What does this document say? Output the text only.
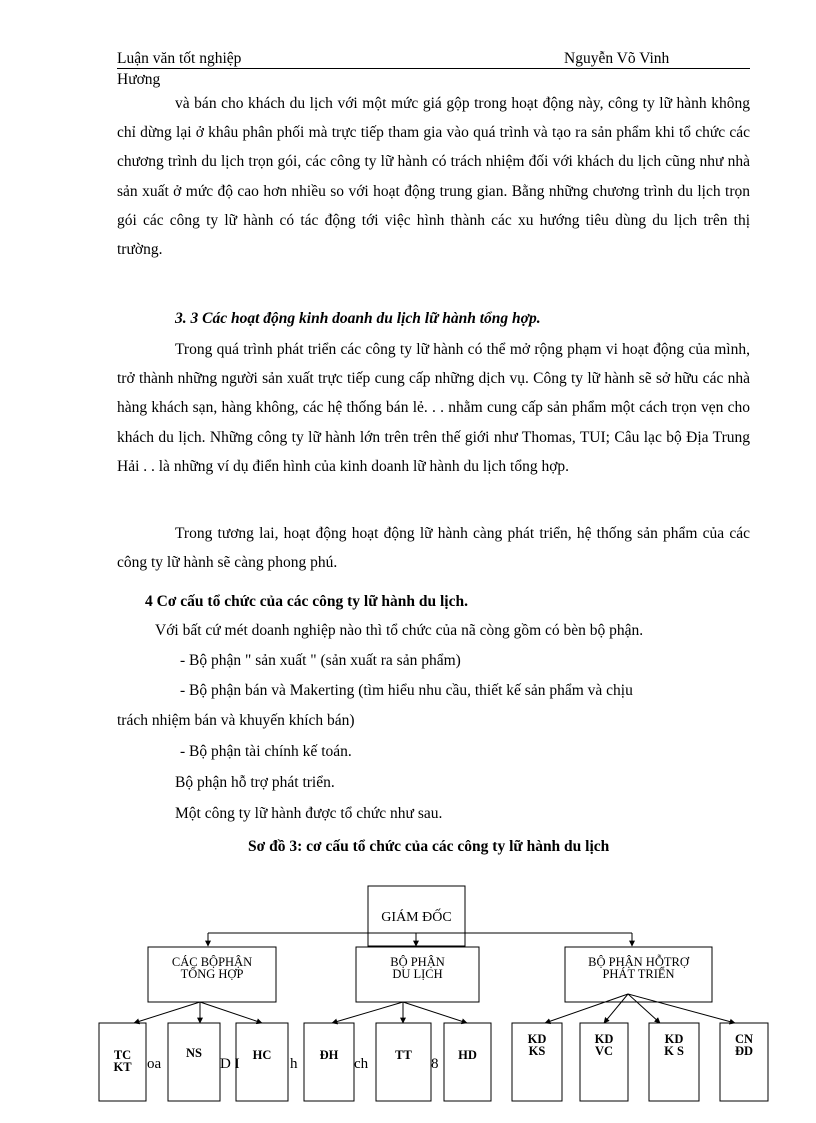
Luận văn tốt nghiệp	Nguyễn Võ Vinh
Hương

và bán cho khách du lịch với một mức giá gộp trong hoạt động này, công ty lữ hành không chỉ dừng lại ở khâu phân phối mà trực tiếp tham gia vào quá trình và tạo ra sản phẩm khi tổ chức các chương trình du lịch trọn gói, các công ty lữ hành có trách nhiệm đối với khách du lịch cũng như nhà sản xuất ở mức độ cao hơn nhiều so với hoạt động trung gian. Bằng những chương trình du lịch trọn gói các công ty lữ hành có tác động tới việc hình thành các xu hướng tiêu dùng du lịch trên thị trường.

3. 3 Các hoạt động kinh doanh du lịch lữ hành tổng hợp.

Trong quá trình phát triển các công ty lữ hành có thể mở rộng phạm vi hoạt động của mình, trở thành những người sản xuất trực tiếp cung cấp những dịch vụ. Công ty lữ hành sẽ sở hữu các nhà hàng khách sạn, hàng không, các hệ thống bán lẻ. . . nhằm cung cấp sản phẩm một cách trọn vẹn cho khách du lịch. Những công ty lữ hành lớn trên trên thế giới như Thomas, TUI; Câu lạc bộ Địa Trung Hải . . là những ví dụ điển hình của kinh doanh lữ hành du lịch tổng hợp.

Trong tương lai, hoạt động hoạt động lữ hành càng phát triển, hệ thống sản phẩm của các công ty lữ hành sẽ càng phong phú.

4 Cơ cấu tổ chức của các công ty lữ hành du lịch.
Với bất cứ mét doanh nghiệp nào thì tổ chức của nã còng gồm có bèn bộ phận.
- Bộ phận " sản xuất " (sản xuất ra sản phẩm)
- Bộ phận bán và Makerting (tìm hiểu nhu cầu, thiết kế sản phẩm và chịu
trách nhiệm bán và khuyến khích bán)
- Bộ phận tài chính kế toán.
Bộ phận hỗ trợ phát triển.
Một công ty lữ hành được tổ chức như sau.
Sơ đồ 3: cơ cấu tổ chức của các công ty lữ hành du lịch
GIÁM ĐỐC
CÁC BỘPHẬN
TỔNG HỢP
BỘ PHẬN
DU LỊCH
BỘ PHẬN HỖTRỢ
PHÁT TRIỂN
TC
KT
NS	HC	ĐH	TT	HD
KD
KS
KD
VC
KD
K S
CN
ĐD
oa	D I	h	ch	8
